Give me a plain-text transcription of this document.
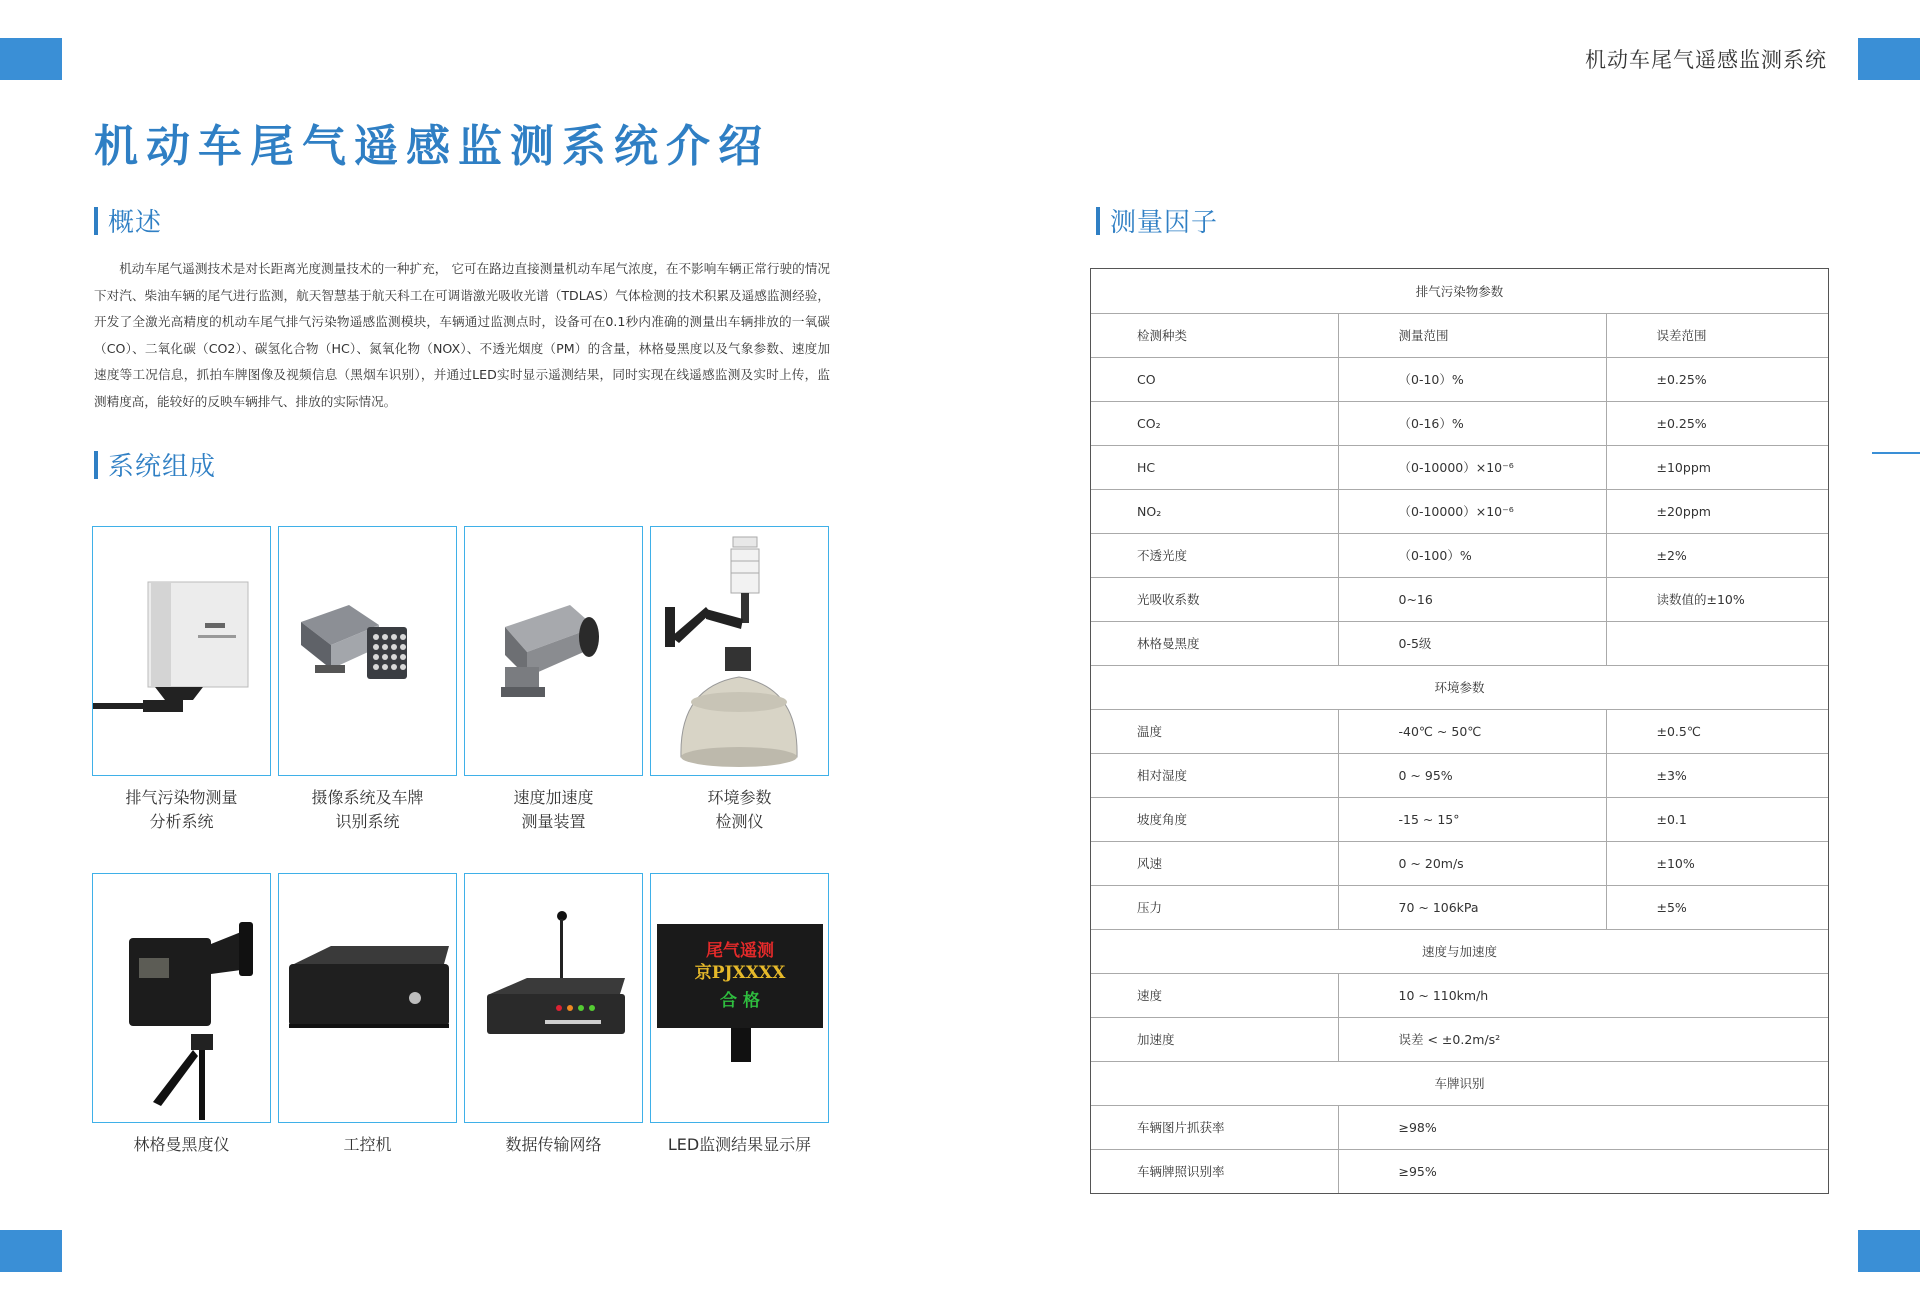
机动车尾气遥感监测系统
机动车尾气遥感监测系统介绍
概述
机动车尾气遥测技术是对长距离光度测量技术的一种扩充， 它可在路边直接测量机动车尾气浓度，在不影响车辆正常行驶的情况下对汽、柴油车辆的尾气进行监测，航天智慧基于航天科工在可调谐激光吸收光谱（TDLAS）气体检测的技术积累及遥感监测经验，开发了全激光高精度的机动车尾气排气污染物遥感监测模块，车辆通过监测点时，设备可在0.1秒内准确的测量出车辆排放的一氧碳（CO）、二氧化碳（CO2）、碳氢化合物（HC）、氮氧化物（NOX）、不透光烟度（PM）的含量，林格曼黑度以及气象参数、速度加速度等工况信息，抓拍车牌图像及视频信息（黑烟车识别），并通过LED实时显示遥测结果，同时实现在线遥感监测及实时上传，监测精度高，能较好的反映车辆排气、排放的实际情况。
系统组成
排气污染物测量
分析系统
摄像系统及车牌
识别系统
速度加速度
测量装置
环境参数
检测仪
林格曼黑度仪	工控机	数据传输网络
尾气遥测
京PJXXXX
合 格
LED监测结果显示屏
测量因子
排气污染物参数		
检测种类	测量范围	误差范围
CO	（0-10）%	±0.25%
CO₂	（0-16）%	±0.25%
HC	（0-10000）×10⁻⁶	±10ppm
NO₂	（0-10000）×10⁻⁶	±20ppm
不透光度	（0-100）%	±2%
光吸收系数	0~16	读数值的±10%
林格曼黑度	0-5级	
环境参数		
温度	-40℃ ~ 50℃	±0.5℃
相对湿度	0 ~ 95%	±3%
坡度角度	-15 ~ 15°	±0.1
风速	0 ~ 20m/s	±10%
压力	70 ~ 106kPa	±5%
速度与加速度		
速度	10 ~ 110km/h	
加速度	误差 < ±0.2m/s²	
车牌识别		
车辆图片抓获率	≥98%	
车辆牌照识别率	≥95%	
